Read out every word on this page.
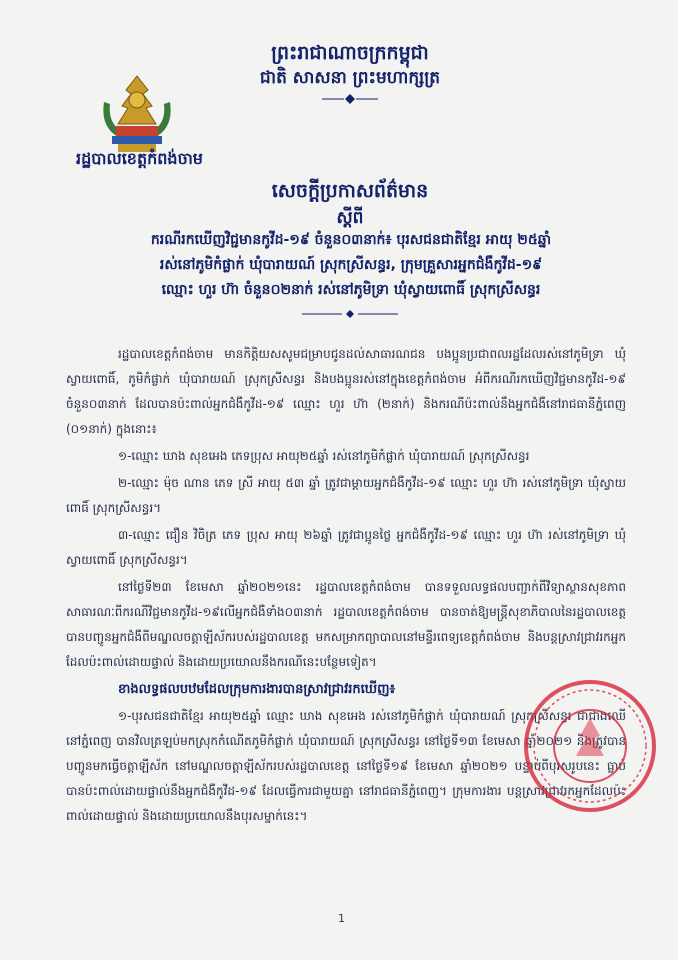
ព្រះរាជាណាចក្រកម្ពុជា
ជាតិ សាសនា ព្រះមហាក្សត្រ
រដ្ឋបាលខេត្តកំពង់ចាម
សេចក្តីប្រកាសព័ត៌មាន
ស្តីពី
ករណីរកឃើញវិជ្ជមានកូវីដ-១៩ ចំនួន០៣នាក់៖ បុរសជនជាតិខ្មែរ អាយុ ២៥ឆ្នាំ
រស់នៅភូមិកំផ្លាក់ ឃុំបារាយណ៍ ស្រុកស្រីសន្ធរ, ក្រុមគ្រួសារអ្នកជំងឺកូវីដ-១៩
ឈ្មោះ ហួរ ហ៊ា ចំនួន០២នាក់ រស់នៅភូមិទ្រា ឃុំស្វាយពោធិ៍ ស្រុកស្រីសន្ធរ

រដ្ឋបាលខេត្តកំពង់ចាម មានកិត្តិយសសូមជម្រាបជូនដល់សាធារណជន បងប្អូនប្រជាពលរដ្ឋដែលរស់នៅភូមិទ្រា ឃុំស្វាយពោធិ៍, ភូមិកំផ្លាក់ ឃុំបារាយណ៍ ស្រុកស្រីសន្ធរ និងបងប្អូនរស់នៅក្នុងខេត្តកំពង់ចាម អំពីករណីរកឃើញវិជ្ជមានកូវីដ-១៩ ចំនួន០៣នាក់ ដែលបានប៉ះពាល់អ្នកជំងឺកូវីដ-១៩ ឈ្មោះ ហួរ ហ៊ា (២នាក់) និងករណីប៉ះពាល់នឹងអ្នកជំងឺនៅរាជធានីភ្នំពេញ (០១នាក់) ក្នុងនោះ៖

១-ឈ្មោះ ឃាង សុខអេង ភេទប្រុស អាយុ២៥ឆ្នាំ រស់នៅភូមិកំផ្លាក់ ឃុំបារាយណ៍ ស្រុកស្រីសន្ធរ

២-ឈ្មោះ ម៉ុច ណាន ភេទ ស្រី អាយុ ៥៣ ឆ្នាំ ត្រូវជាម្តាយអ្នកជំងឺកូវីដ-១៩ ឈ្មោះ ហួរ ហ៊ា រស់នៅភូមិទ្រា ឃុំស្វាយពោធិ៍ ស្រុកស្រីសន្ធរ។

៣-ឈ្មោះ ជឿន វិចិត្រ ភេទ ប្រុស អាយុ ២៦ឆ្នាំ ត្រូវជាប្អូនថ្លៃ អ្នកជំងឺកូវីដ-១៩ ឈ្មោះ ហួរ ហ៊ា រស់នៅភូមិទ្រា ឃុំស្វាយពោធិ៍ ស្រុកស្រីសន្ធរ។

នៅថ្ងៃទី២៣ ខែមេសា ឆ្នាំ២០២១នេះ រដ្ឋបាលខេត្តកំពង់ចាម បានទទួលលទ្ធផលបញ្ជាក់ពីវិទ្យាស្ថានសុខភាពសាធារណៈពីករណីវិជ្ជមានកូវីដ-១៩លើអ្នកជំងឺទាំង០៣នាក់ រដ្ឋបាលខេត្តកំពង់ចាម បានចាត់ឱ្យមន្ត្រីសុខាភិបាលនៃរដ្ឋបាលខេត្ត បានបញ្ជូនអ្នកជំងឺពីមណ្ឌលចត្តាឡីស័ករបស់រដ្ឋបាលខេត្ត មកសម្រាកព្យាបាលនៅមន្ទីរពេទ្យខេត្តកំពង់ចាម និងបន្តស្រាវជ្រាវរកអ្នកដែលប៉ះពាល់ដោយផ្ទាល់ និងដោយប្រយោលនឹងករណីនេះបន្ថែមទៀត។

ខាងលទ្ធផលបឋមដែលក្រុមការងារបានស្រាវជ្រាវរកឃើញ៖

១-បុរសជនជាតិខ្មែរ អាយុ២៥ឆ្នាំ ឈ្មោះ ឃាង សុខអេង រស់នៅភូមិកំផ្លាក់ ឃុំបារាយណ៍ ស្រុកស្រីសន្ធរ ជាជាងឈើនៅភ្នំពេញ បានវិលត្រឡប់មកស្រុកកំណើតភូមិកំផ្លាក់ ឃុំបារាយណ៍ ស្រុកស្រីសន្ធរ នៅថ្ងៃទី១៣ ខែមេសា ឆ្នាំ២០២១ និងត្រូវបានបញ្ជូនមកធ្វើចត្តាឡីស័ក នៅមណ្ឌលចត្តាឡីស័ករបស់រដ្ឋបាលខេត្ត នៅថ្ងៃទី១៩ ខែមេសា ឆ្នាំ២០២១ បន្ទាប់ពីបុរសរូបនេះ ធ្លាប់បានប៉ះពាល់ដោយផ្ទាល់នឹងអ្នកជំងឺកូវីដ-១៩ ដែលធ្វើការជាមួយគ្នា នៅរាជធានីភ្នំពេញ។ ក្រុមការងារ បន្តស្រាវជ្រាវរកអ្នកដែលប៉ះពាល់ដោយផ្ទាល់ និងដោយប្រយោលនឹងបុរសម្នាក់នេះ។

1
